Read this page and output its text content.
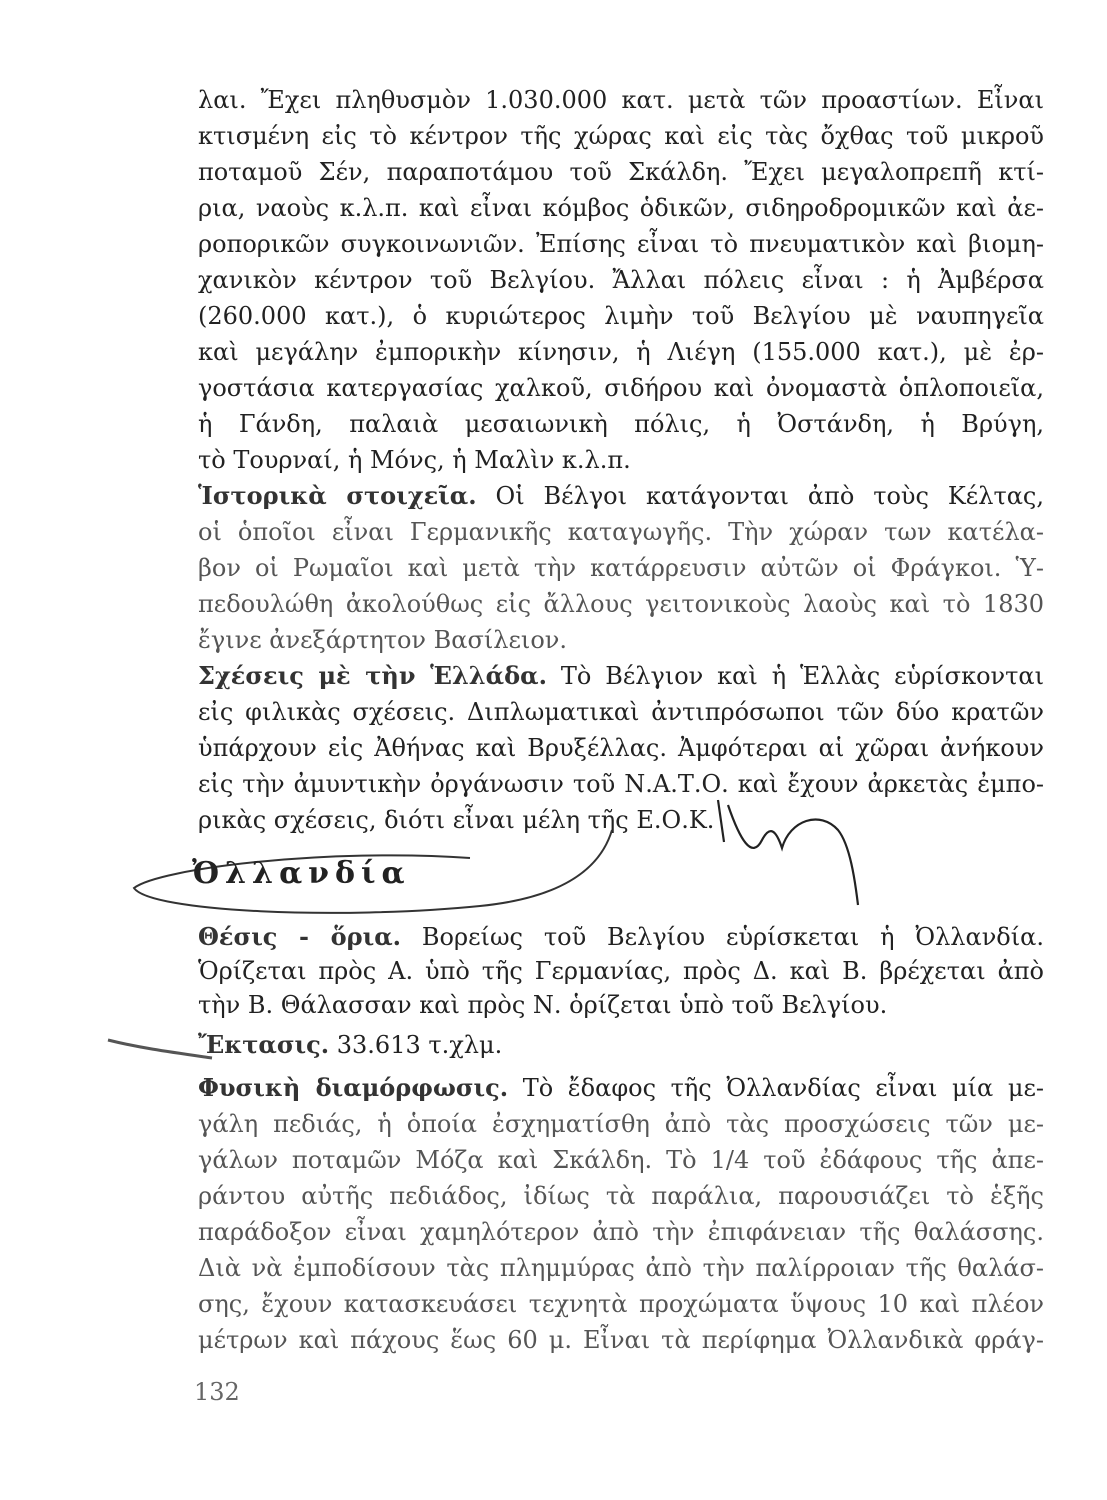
λαι. Ἔχει πληθυσμὸν 1.030.000 κατ. μετὰ τῶν προαστίων. Εἶναι
κτισμένη εἰς τὸ κέντρον τῆς χώρας καὶ εἰς τὰς ὄχθας τοῦ μικροῦ
ποταμοῦ Σέν, παραποτάμου τοῦ Σκάλδη. Ἔχει μεγαλοπρεπῆ κτί-
ρια, ναοὺς κ.λ.π. καὶ εἶναι κόμβος ὁδικῶν, σιδηροδρομικῶν καὶ ἀε-
ροπορικῶν συγκοινωνιῶν. Ἐπίσης εἶναι τὸ πνευματικὸν καὶ βιομη-
χανικὸν κέντρον τοῦ Βελγίου. Ἄλλαι πόλεις εἶναι : ἡ Ἀμβέρσα
(260.000 κατ.), ὁ κυριώτερος λιμὴν τοῦ Βελγίου μὲ ναυπηγεῖα
καὶ μεγάλην ἐμπορικὴν κίνησιν, ἡ Λιέγη (155.000 κατ.), μὲ ἐρ-
γοστάσια κατεργασίας χαλκοῦ, σιδήρου καὶ ὀνομαστὰ ὁπλοποιεῖα,
ἡ Γάνδη, παλαιὰ μεσαιωνικὴ πόλις, ἡ Ὀστάνδη, ἡ Βρύγη,
τὸ Τουρναί, ἡ Μόνς, ἡ Μαλὶν κ.λ.π.
Ἱστορικὰ στοιχεῖα. Οἱ Βέλγοι κατάγονται ἀπὸ τοὺς Κέλτας,
οἱ ὁποῖοι εἶναι Γερμανικῆς καταγωγῆς. Τὴν χώραν των κατέλα-
βον οἱ Ρωμαῖοι καὶ μετὰ τὴν κατάρρευσιν αὐτῶν οἱ Φράγκοι. Ὑ-
πεδουλώθη ἀκολούθως εἰς ἄλλους γειτονικοὺς λαοὺς καὶ τὸ 1830
ἔγινε ἀνεξάρτητον Βασίλειον.
Σχέσεις μὲ τὴν Ἑλλάδα. Τὸ Βέλγιον καὶ ἡ Ἑλλὰς εὑρίσκονται
εἰς φιλικὰς σχέσεις. Διπλωματικαὶ ἀντιπρόσωποι τῶν δύο κρατῶν
ὑπάρχουν εἰς Ἀθήνας καὶ Βρυξέλλας. Ἀμφότεραι αἱ χῶραι ἀνήκουν
εἰς τὴν ἀμυντικὴν ὀργάνωσιν τοῦ Ν.Α.Τ.Ο. καὶ ἔχουν ἀρκετὰς ἐμπο-
ρικὰς σχέσεις, διότι εἶναι μέλη τῆς Ε.Ο.Κ.
Ὀλλανδία
Θέσις - ὅρια. Βορείως τοῦ Βελγίου εὑρίσκεται ἡ Ὀλλανδία.
Ὁρίζεται πρὸς Α. ὑπὸ τῆς Γερμανίας, πρὸς Δ. καὶ Β. βρέχεται ἀπὸ
τὴν Β. Θάλασσαν καὶ πρὸς Ν. ὁρίζεται ὑπὸ τοῦ Βελγίου.
Ἔκτασις. 33.613 τ.χλμ.
Φυσικὴ διαμόρφωσις. Τὸ ἔδαφος τῆς Ὀλλανδίας εἶναι μία με-
γάλη πεδιάς, ἡ ὁποία ἐσχηματίσθη ἀπὸ τὰς προσχώσεις τῶν με-
γάλων ποταμῶν Μόζα καὶ Σκάλδη. Τὸ 1/4 τοῦ ἐδάφους τῆς ἀπε-
ράντου αὐτῆς πεδιάδος, ἰδίως τὰ παράλια, παρουσιάζει τὸ ἑξῆς
παράδοξον εἶναι χαμηλότερον ἀπὸ τὴν ἐπιφάνειαν τῆς θαλάσσης.
Διὰ νὰ ἐμποδίσουν τὰς πλημμύρας ἀπὸ τὴν παλίρροιαν τῆς θαλάσ-
σης, ἔχουν κατασκευάσει τεχνητὰ προχώματα ὕψους 10 καὶ πλέον
μέτρων καὶ πάχους ἕως 60 μ. Εἶναι τὰ περίφημα Ὀλλανδικὰ φράγ-
132
